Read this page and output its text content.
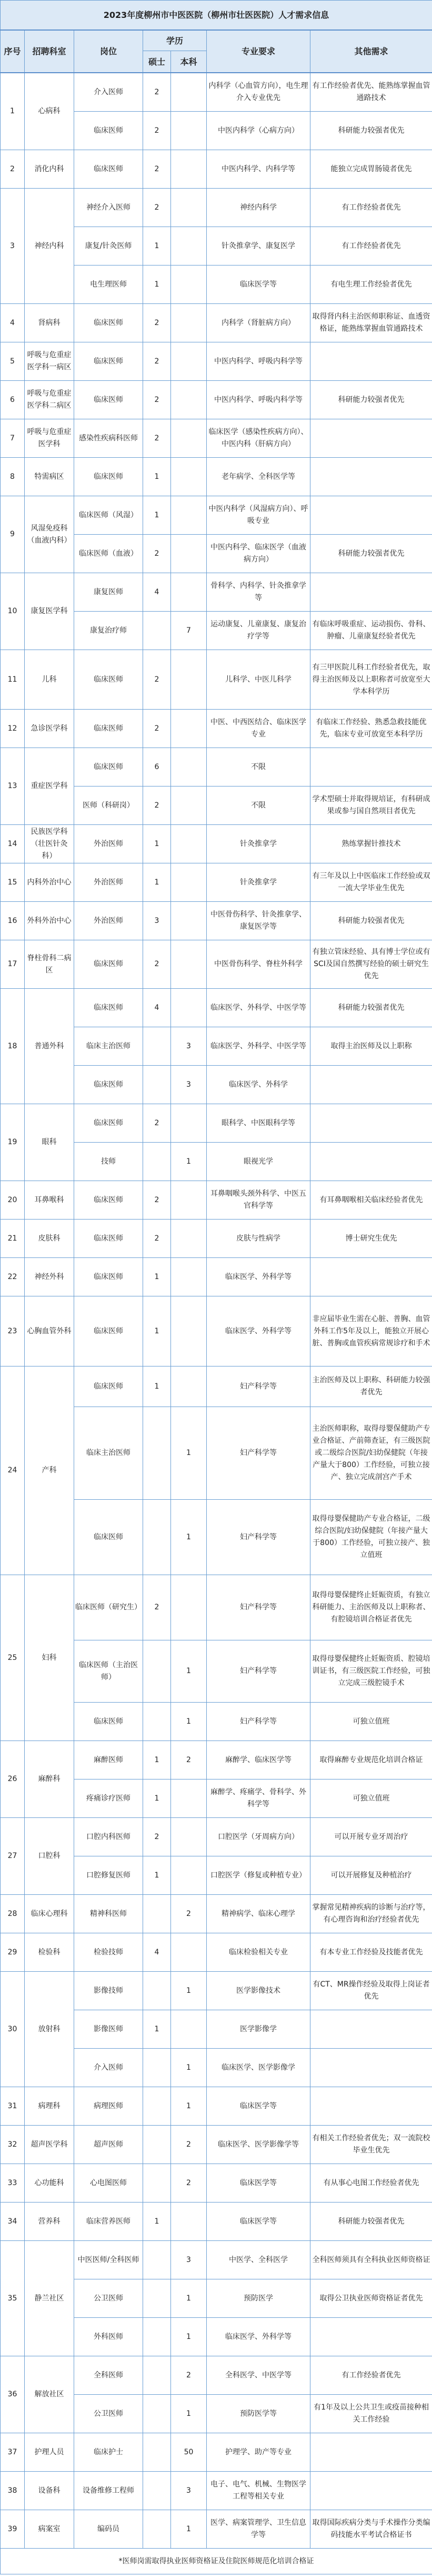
2023年度柳州市中医医院（柳州市壮医医院）人才需求信息						
序号	招聘科室	岗位	学历		专业要求	其他需求
			硕士	本科		
1	心病科	介入医师	2		内科学（心血管方向），电生理介入专业优先	有工作经验者优先、能熟练掌握血管通路技术
		临床医师	2		中医内科学（心病方向）	科研能力较强者优先
2	消化内科	临床医师	2		中医内科学、内科学等	能独立完成胃肠镜者优先
3	神经内科	神经介入医师	2		神经内科学	有工作经验者优先
		康复/针灸医师	1		针灸推拿学、康复医学	有工作经验者优先
		电生理医师	1		临床医学等	有电生理工作经验者优先
4	肾病科	临床医师	2		内科学（肾脏病方向）	取得肾内科主治医师职称证、血透资格证，能熟练掌握血管通路技术
5	呼吸与危重症医学科一病区	临床医师	2		中医内科学、呼吸内科学等	
6	呼吸与危重症医学科二病区	临床医师	2		中医内科学、呼吸内科学等	科研能力较强者优先
7	呼吸与危重症医学科	感染性疾病科医师	2		临床医学（感染性疾病方向）、中医内科（肝病方向）	
8	特需病区	临床医师	1		老年病学、全科医学等	
9	风湿免疫科（血液内科）	临床医师（风湿）	1		中医内科学（风湿病方向）、呼吸专业	
		临床医师（血液）	2		中医内科学、临床医学（血液病方向）	科研能力较强者优先
10	康复医学科	康复医师	4		骨科学、内科学、针灸推拿学等	
		康复治疗师		7	运动康复、儿童康复、康复治疗学等	有临床呼吸重症、运动损伤、骨科、肿瘤、儿童康复经验者优先
11	儿科	临床医师	2		儿科学、中医儿科学	有三甲医院儿科工作经验者优先，取得主治医师及以上职称者可放宽至大学本科学历
12	急诊医学科	临床医师	2		中医、中西医结合、临床医学专业	有临床工作经验、熟悉急救技能优先，临床专业可放宽至本科学历
13	重症医学科	临床医师	6		不限	
		医师（科研岗）	2		不限	学术型硕士并取得规培证，有科研成果或参与国自然项目者优先
14	民族医学科（壮医针灸科）	外治医师	1		针灸推拿学	熟练掌握针推技术
15	内科外治中心	外治医师	1		针灸推拿学	有三年及以上中医临床工作经验或双一流大学毕业生优先
16	外科外治中心	外治医师	3		中医骨伤科学、针灸推拿学、康复医学等	科研能力较强者优先
17	脊柱骨科二病区	临床医师	2		中医骨伤科学、脊柱外科学	有独立管床经验、具有博士学位或有SCI及国自然撰写经验的硕士研究生优先
18	普通外科	临床医师	4		临床医学、外科学、中医学等	科研能力较强者优先
		临床主治医师		3	临床医学、外科学、中医学等	取得主治医师及以上职称
		临床医师		3	临床医学、外科学	
19	眼科	临床医师	2		眼科学、中医眼科学等	
		技师		1	眼视光学	
20	耳鼻喉科	临床医师	2		耳鼻咽喉头颈外科学、中医五官科学等	有耳鼻咽喉相关临床经验者优先
21	皮肤科	临床医师	2		皮肤与性病学	博士研究生优先
22	神经外科	临床医师	1		临床医学、外科学等	
23	心胸血管外科	临床医师	1		临床医学、外科学等	非应届毕业生需在心脏、普胸、血管外科工作5年及以上，能独立开展心脏、普胸或血管疾病常规诊疗和手术
24	产科	临床医师	1		妇产科学等	主治医师及以上职称、科研能力较强者优先
		临床主治医师		1	妇产科学等	主治医师职称，取得母婴保健助产专业合格证、产前筛查证，有三级医院或二级综合医院/妇幼保健院（年接产量大于800）工作经验，可独立接产、独立完成剖宫产手术
		临床医师		1	妇产科学等	取得母婴保健助产专业合格证，二级综合医院/妇幼保健院（年接产量大于800）工作经验，可独立接产、独立值班
25	妇科	临床医师（研究生）	2		妇产科学等	取得母婴保健终止妊娠资质，有独立科研能力、主治医师及以上职称者、有腔镜培训合格证者优先
		临床医师（主治医师）		1	妇产科学等	取得母婴保健终止妊娠资质、腔镜培训证书，有三级医院工作经验，可独立完成三级腔镜手术
		临床医师		1	妇产科学等	可独立值班
26	麻醉科	麻醉医师	1	2	麻醉学、临床医学等	取得麻醉专业规范化培训合格证
		疼痛诊疗医师	1		麻醉学、疼痛学、骨科学、外科学等	可独立值班
27	口腔科	口腔内科医师	2		口腔医学（牙周病方向）	可以开展专业牙周治疗
		口腔修复医师	1		口腔医学（修复或种植专业）	可以开展修复及种植治疗
28	临床心理科	精神科医师		2	精神病学、临床心理学	掌握常见精神疾病的诊断与治疗等，有心理咨询和治疗经验者优先
29	检验科	检验技师	4		临床检验相关专业	有本专业工作经验及技能者优先
30	放射科	影像技师		1	医学影像技术	有CT、MR操作经验及取得上岗证者优先
		影像医师	1		医学影像学	
		介入医师		1	临床医学、医学影像学	
31	病理科	病理医师		1	临床医学等	
32	超声医学科	超声医师		2	临床医学、医学影像学等	有相关工作经验者优先；双一流院校毕业生优先
33	心功能科	心电图医师		2	临床医学等	有从事心电图工作经验者优先
34	营养科	临床营养医师	1		临床医学等	科研能力较强者优先
35	静兰社区	中医医师/全科医师		3	中医学、全科医学	全科医师须具有全科执业医师资格证
		公卫医师		1	预防医学	取得公卫执业医师资格证者优先
		外科医师		1	临床医学、外科学等	
36	解放社区	全科医师		2	全科医学、中医学等	有工作经验者优先
		公卫医师		1	预防医学等	有1年及以上公共卫生或疫苗接种相关工作经验
37	护理人员	临床护士		50	护理学、助产等专业	
38	设备科	设备维修工程师		3	电子、电气、机械、生物医学工程等相关专业	
39	病案室	编码员		1	医学、病案管理学、卫生信息学等	取得国际疾病分类与手术操作分类编码技能水平考试合格证书
*医师岗需取得执业医师资格证及住院医师规范化培训合格证						
